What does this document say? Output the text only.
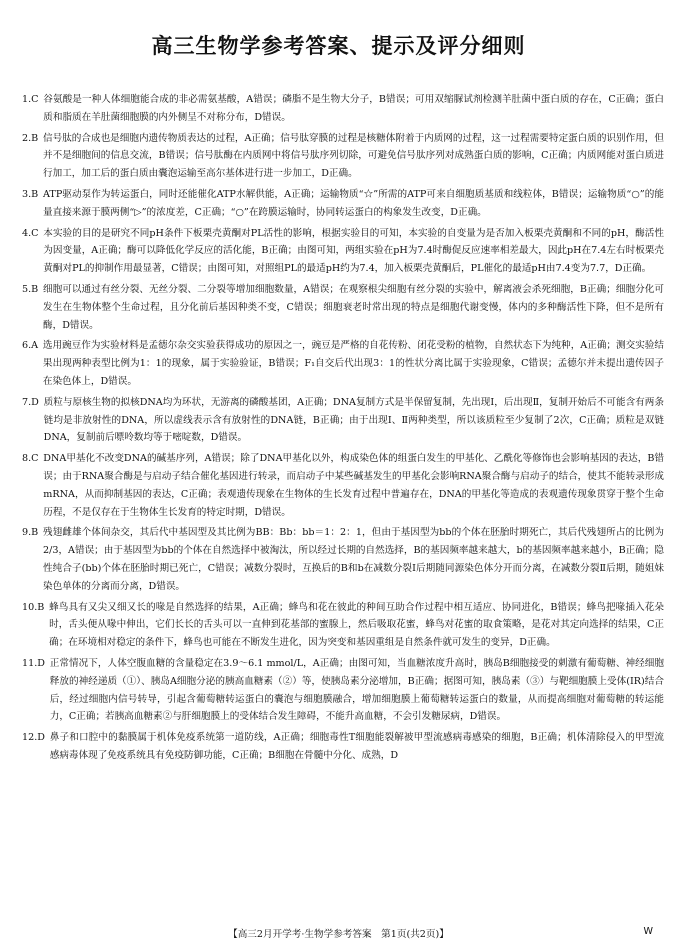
高三生物学参考答案、提示及评分细则
1.C  谷氨酸是一种人体细胞能合成的非必需氨基酸，A错误；磷脂不是生物大分子，B错误；可用双缩脲试剂检测羊肚菌中蛋白质的存在，C正确；蛋白质和脂质在羊肚菌细胞膜的内外侧呈不对称分布，D错误。
2.B  信号肽的合成也是细胞内遗传物质表达的过程，A正确；信号肽穿膜的过程是核糖体附着于内质网的过程，这一过程需要特定蛋白质的识别作用，但并不是细胞间的信息交流，B错误；信号肽酶在内质网中将信号肽序列切除，可避免信号肽序列对成熟蛋白质的影响，C正确；内质网能对蛋白质进行加工，加工后的蛋白质由囊泡运输至高尔基体进行进一步加工，D正确。
3.B  ATP驱动泵作为转运蛋白，同时还能催化ATP水解供能，A正确；运输物质“☆”所需的ATP可来自细胞质基质和线粒体，B错误；运输物质“○”的能量直接来源于膜两侧“▷”的浓度差，C正确；“○”在跨膜运输时，协同转运蛋白的构象发生改变，D正确。
4.C  本实验的目的是研究不同pH条件下板栗壳黄酮对PL活性的影响，根据实验目的可知，本实验的自变量为是否加入板栗壳黄酮和不同的pH，酶活性为因变量，A正确；酶可以降低化学反应的活化能，B正确；由图可知，两组实验在pH为7.4时酶促反应速率相差最大，因此pH在7.4左右时板栗壳黄酮对PL的抑制作用最显著，C错误；由图可知，对照组PL的最适pH约为7.4，加入板栗壳黄酮后，PL催化的最适pH由7.4变为7.7，D正确。
5.B  细胞可以通过有丝分裂、无丝分裂、二分裂等增加细胞数量，A错误；在观察根尖细胞有丝分裂的实验中，解离液会杀死细胞，B正确；细胞分化可发生在生物体整个生命过程，且分化前后基因种类不变，C错误；细胞衰老时常出现的特点是细胞代谢变慢，体内的多种酶活性下降，但不是所有酶，D错误。
6.A  选用豌豆作为实验材料是孟德尔杂交实验获得成功的原因之一，豌豆是严格的自花传粉、闭花受粉的植物，自然状态下为纯种，A正确；测交实验结果出现两种表型比例为1：1的现象，属于实验验证，B错误；F₁自交后代出现3：1的性状分离比属于实验现象，C错误；孟德尔并未提出遗传因子在染色体上，D错误。
7.D  质粒与原核生物的拟核DNA均为环状，无游离的磷酸基团，A正确；DNA复制方式是半保留复制，先出现Ⅰ，后出现Ⅱ，复制开始后不可能含有两条链均是非放射性的DNA，所以虚线表示含有放射性的DNA链，B正确；由于出现Ⅰ、Ⅱ两种类型，所以该质粒至少复制了2次，C正确；质粒是双链DNA，复制前后嘌呤数均等于嘧啶数，D错误。
8.C  DNA甲基化不改变DNA的碱基序列，A错误；除了DNA甲基化以外，构成染色体的组蛋白发生的甲基化、乙酰化等修饰也会影响基因的表达，B错误；由于RNA聚合酶是与启动子结合催化基因进行转录，而启动子中某些碱基发生的甲基化会影响RNA聚合酶与启动子的结合，使其不能转录形成mRNA，从而抑制基因的表达，C正确；表观遗传现象在生物体的生长发育过程中普遍存在，DNA的甲基化等造成的表观遗传现象贯穿于整个生命历程，不是仅存在于生物体生长发育的特定时期，D错误。
9.B  残翅雌雄个体间杂交，其后代中基因型及其比例为BB：Bb：bb＝1：2：1，但由于基因型为bb的个体在胚胎时期死亡，其后代残翅所占的比例为2/3，A错误；由于基因型为bb的个体在自然选择中被淘汰，所以经过长期的自然选择，B的基因频率越来越大，b的基因频率越来越小，B正确；隐性纯合子(bb)个体在胚胎时期已死亡，C错误；减数分裂时，互换后的B和b在减数分裂Ⅰ后期随同源染色体分开而分离，在减数分裂Ⅱ后期，随姐妹染色单体的分离而分离，D错误。
10.B  蜂鸟具有又尖又细又长的喙是自然选择的结果，A正确；蜂鸟和花在彼此的种间互助合作过程中相互适应、协同进化，B错误；蜂鸟把喙插入花朵时，舌头便从喙中伸出，它们长长的舌头可以一直伸到花基部的蜜腺上，然后吸取花蜜，蜂鸟对花蜜的取食策略，是花对其定向选择的结果，C正确；在环境相对稳定的条件下，蜂鸟也可能在不断发生进化，因为突变和基因重组是自然条件就可发生的变异，D正确。
11.D  正常情况下，人体空腹血糖的含量稳定在3.9～6.1 mmol/L，A正确；由图可知，当血糖浓度升高时，胰岛B细胞接受的刺激有葡萄糖、神经细胞释放的神经递质（①）、胰岛A细胞分泌的胰高血糖素（②）等，使胰岛素分泌增加，B正确；据图可知，胰岛素（③）与靶细胞膜上受体(IR)结合后，经过细胞内信号转导，引起含葡萄糖转运蛋白的囊泡与细胞膜融合，增加细胞膜上葡萄糖转运蛋白的数量，从而提高细胞对葡萄糖的转运能力，C正确；若胰高血糖素②与肝细胞膜上的受体结合发生障碍，不能升高血糖，不会引发糖尿病，D错误。
12.D  鼻子和口腔中的黏膜属于机体免疫系统第一道防线，A正确；细胞毒性T细胞能裂解被甲型流感病毒感染的细胞，B正确；机体清除侵入的甲型流感病毒体现了免疫系统具有免疫防御功能，C正确；B细胞在骨髓中分化、成熟，D
【高三2月开学考·生物学参考答案　第1页(共2页)】	W
